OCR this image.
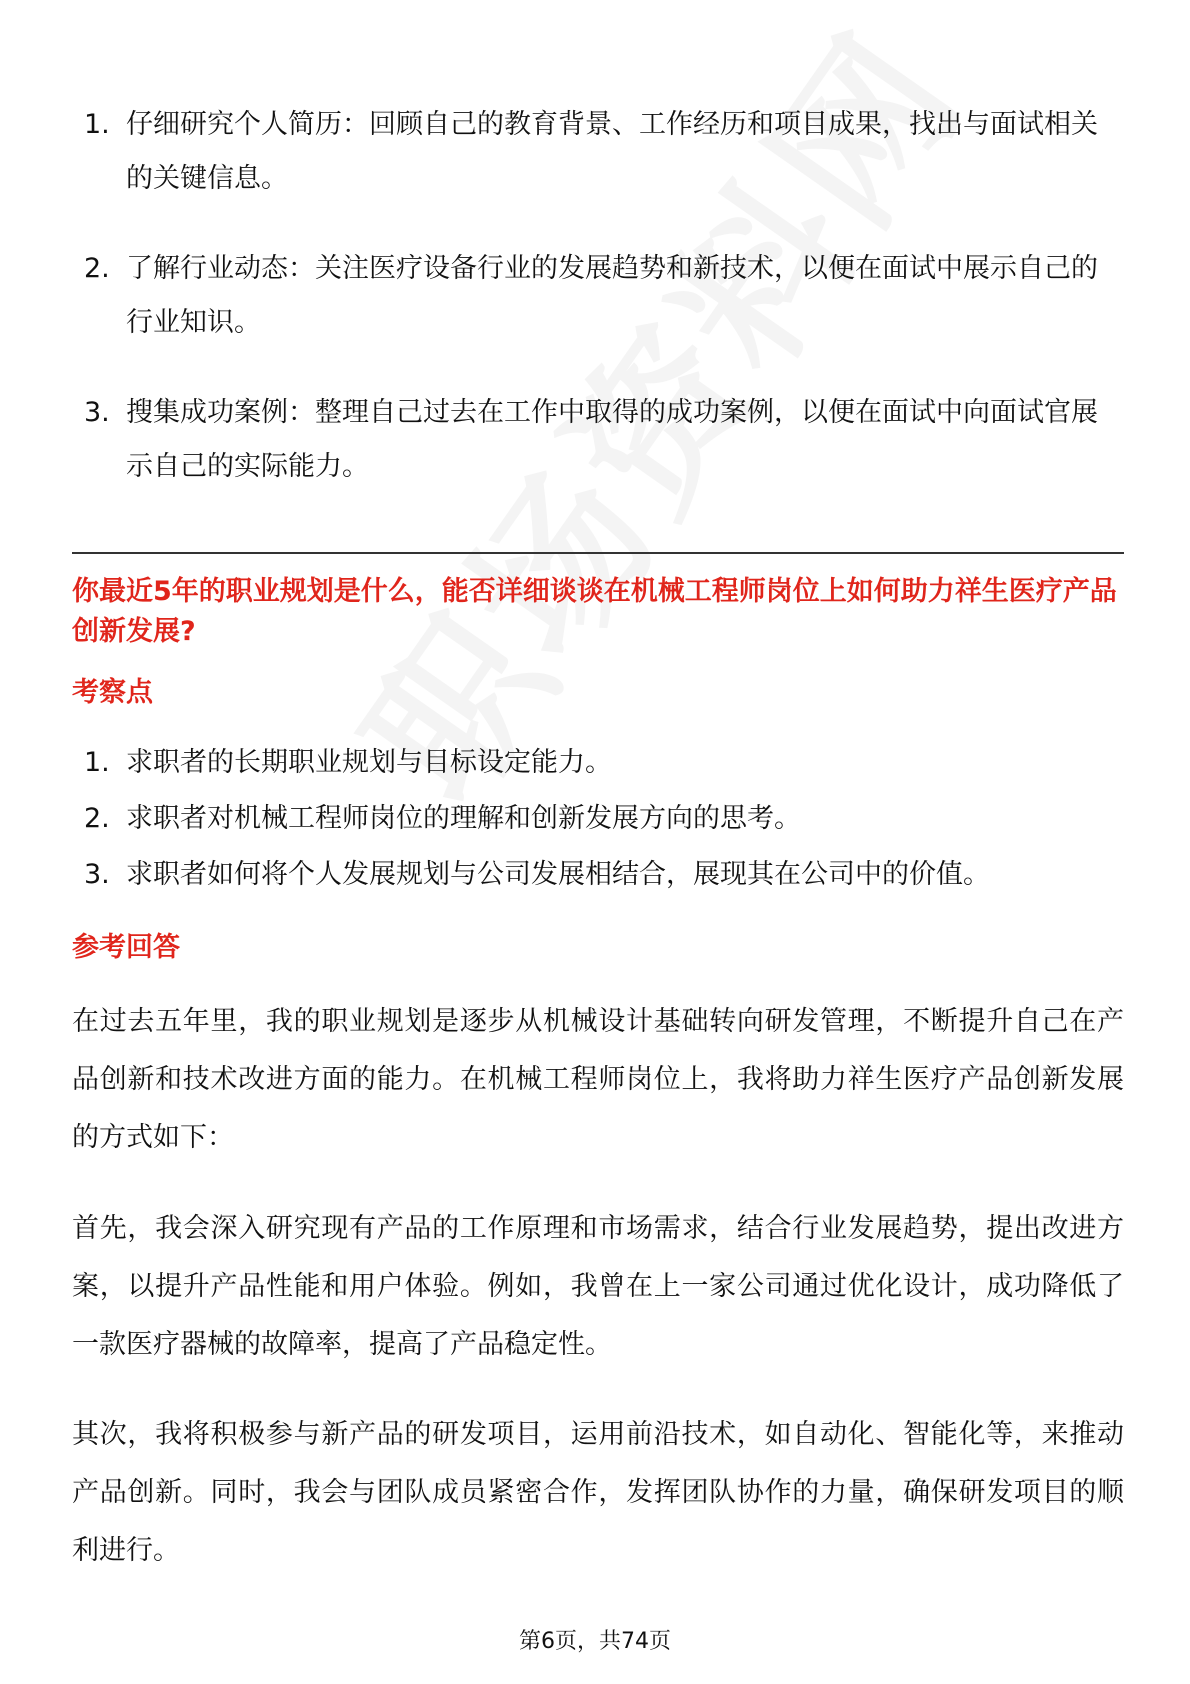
1. 仔细研究个人简历：回顾自己的教育背景、工作经历和项目成果，找出与面试相关的关键信息。
2. 了解行业动态：关注医疗设备行业的发展趋势和新技术，以便在面试中展示自己的行业知识。
3. 搜集成功案例：整理自己过去在工作中取得的成功案例，以便在面试中向面试官展示自己的实际能力。
你最近5年的职业规划是什么，能否详细谈谈在机械工程师岗位上如何助力祥生医疗产品创新发展?
考察点
1. 求职者的长期职业规划与目标设定能力。
2. 求职者对机械工程师岗位的理解和创新发展方向的思考。
3. 求职者如何将个人发展规划与公司发展相结合，展现其在公司中的价值。
参考回答
在过去五年里，我的职业规划是逐步从机械设计基础转向研发管理，不断提升自己在产品创新和技术改进方面的能力。在机械工程师岗位上，我将助力祥生医疗产品创新发展的方式如下：
首先，我会深入研究现有产品的工作原理和市场需求，结合行业发展趋势，提出改进方案，以提升产品性能和用户体验。例如，我曾在上一家公司通过优化设计，成功降低了一款医疗器械的故障率，提高了产品稳定性。
其次，我将积极参与新产品的研发项目，运用前沿技术，如自动化、智能化等，来推动产品创新。同时，我会与团队成员紧密合作，发挥团队协作的力量，确保研发项目的顺利进行。
第6页，共74页
